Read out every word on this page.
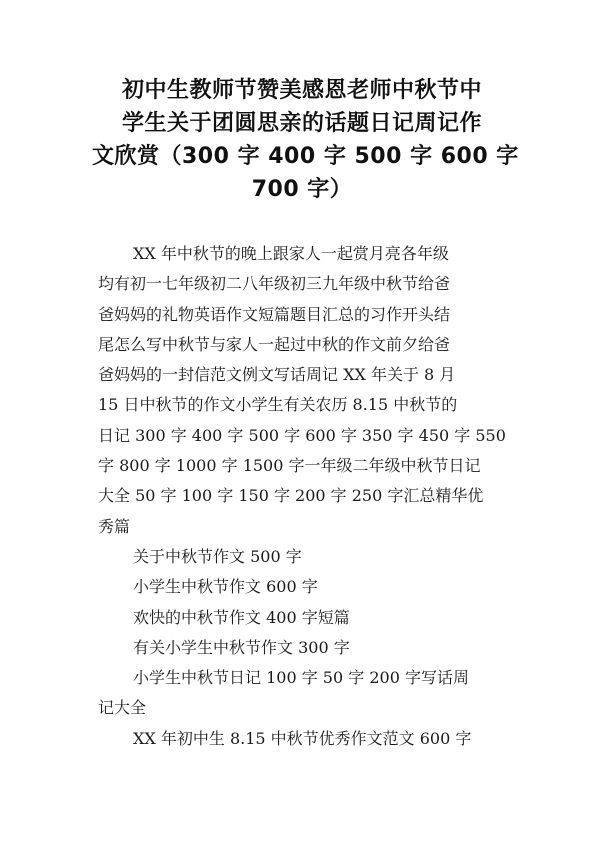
初中生教师节赞美感恩老师中秋节中
学生关于团圆思亲的话题日记周记作
文欣赏（300 字 400 字 500 字 600 字
700 字）

XX 年中秋节的晚上跟家人一起赏月亮各年级
均有初一七年级初二八年级初三九年级中秋节给爸
爸妈妈的礼物英语作文短篇题目汇总的习作开头结
尾怎么写中秋节与家人一起过中秋的作文前夕给爸
爸妈妈的一封信范文例文写话周记 XX 年关于 8 月
15 日中秋节的作文小学生有关农历 8.15 中秋节的
日记 300 字 400 字 500 字 600 字 350 字 450 字 550
字 800 字 1000 字 1500 字一年级二年级中秋节日记
大全 50 字 100 字 150 字 200 字 250 字汇总精华优
秀篇

关于中秋节作文 500 字

小学生中秋节作文 600 字

欢快的中秋节作文 400 字短篇

有关小学生中秋节作文 300 字

小学生中秋节日记 100 字 50 字 200 字写话周
记大全

XX 年初中生 8.15 中秋节优秀作文范文 600 字
